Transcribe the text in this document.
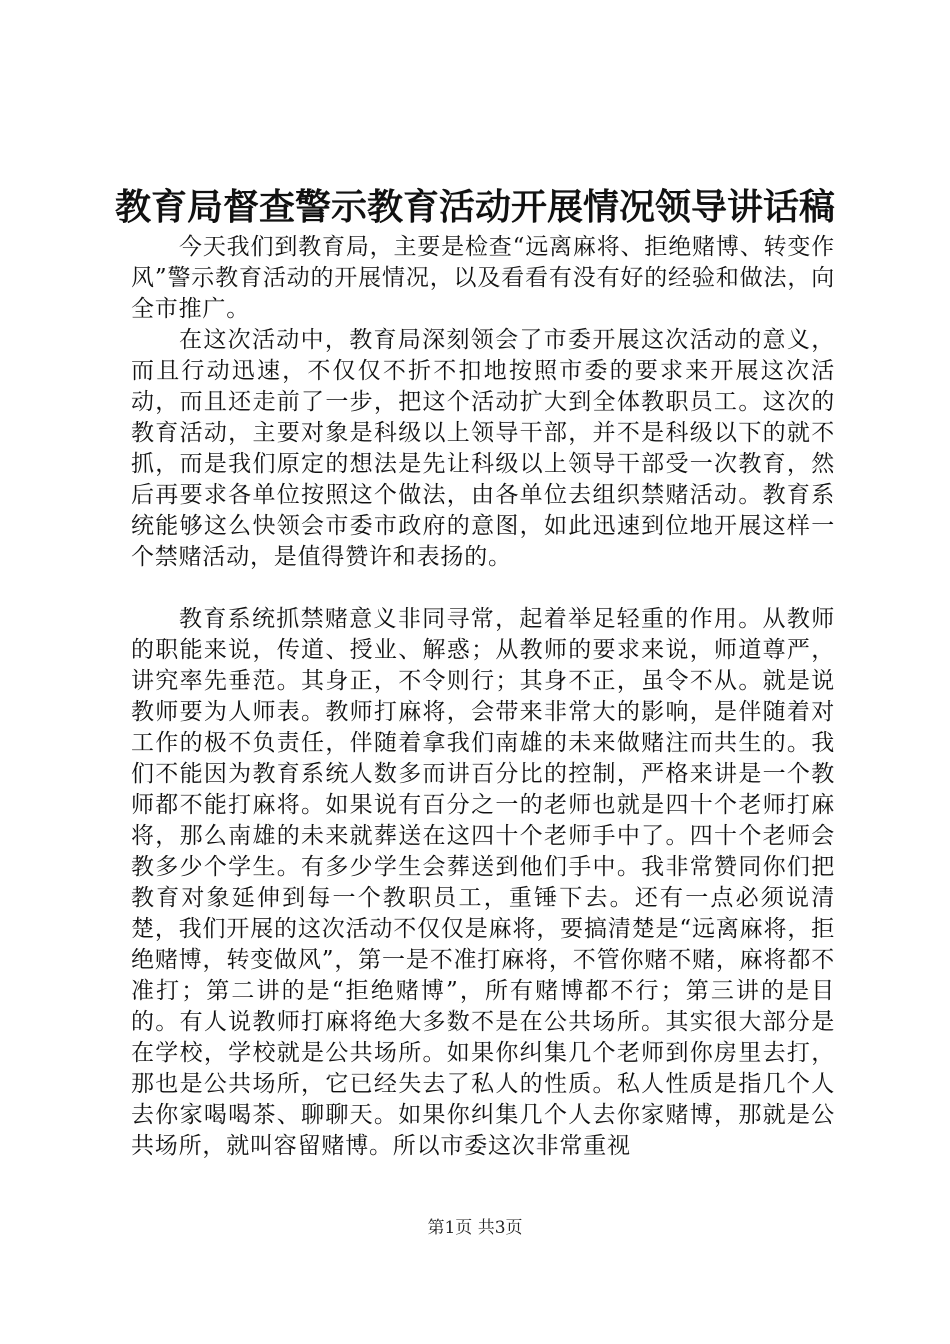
教育局督查警示教育活动开展情况领导讲话稿

今天我们到教育局，主要是检查“远离麻将、拒绝赌博、转变作风”警示教育活动的开展情况，以及看看有没有好的经验和做法，向全市推广。

在这次活动中，教育局深刻领会了市委开展这次活动的意义，而且行动迅速，不仅仅不折不扣地按照市委的要求来开展这次活动，而且还走前了一步，把这个活动扩大到全体教职员工。这次的教育活动，主要对象是科级以上领导干部，并不是科级以下的就不抓，而是我们原定的想法是先让科级以上领导干部受一次教育，然后再要求各单位按照这个做法，由各单位去组织禁赌活动。教育系统能够这么快领会市委市政府的意图，如此迅速到位地开展这样一个禁赌活动，是值得赞许和表扬的。

教育系统抓禁赌意义非同寻常，起着举足轻重的作用。从教师的职能来说，传道、授业、解惑；从教师的要求来说，师道尊严，讲究率先垂范。其身正，不令则行；其身不正，虽令不从。就是说教师要为人师表。教师打麻将，会带来非常大的影响，是伴随着对工作的极不负责任，伴随着拿我们南雄的未来做赌注而共生的。我们不能因为教育系统人数多而讲百分比的控制，严格来讲是一个教师都不能打麻将。如果说有百分之一的老师也就是四十个老师打麻将，那么南雄的未来就葬送在这四十个老师手中了。四十个老师会教多少个学生。有多少学生会葬送到他们手中。我非常赞同你们把教育对象延伸到每一个教职员工，重锤下去。还有一点必须说清楚，我们开展的这次活动不仅仅是麻将，要搞清楚是“远离麻将，拒绝赌博，转变做风”，第一是不准打麻将，不管你赌不赌，麻将都不准打；第二讲的是“拒绝赌博”，所有赌博都不行；第三讲的是目的。有人说教师打麻将绝大多数不是在公共场所。其实很大部分是在学校，学校就是公共场所。如果你纠集几个老师到你房里去打，那也是公共场所，它已经失去了私人的性质。私人性质是指几个人去你家喝喝茶、聊聊天。如果你纠集几个人去你家赌博，那就是公共场所，就叫容留赌博。所以市委这次非常重视

第1页 共3页
